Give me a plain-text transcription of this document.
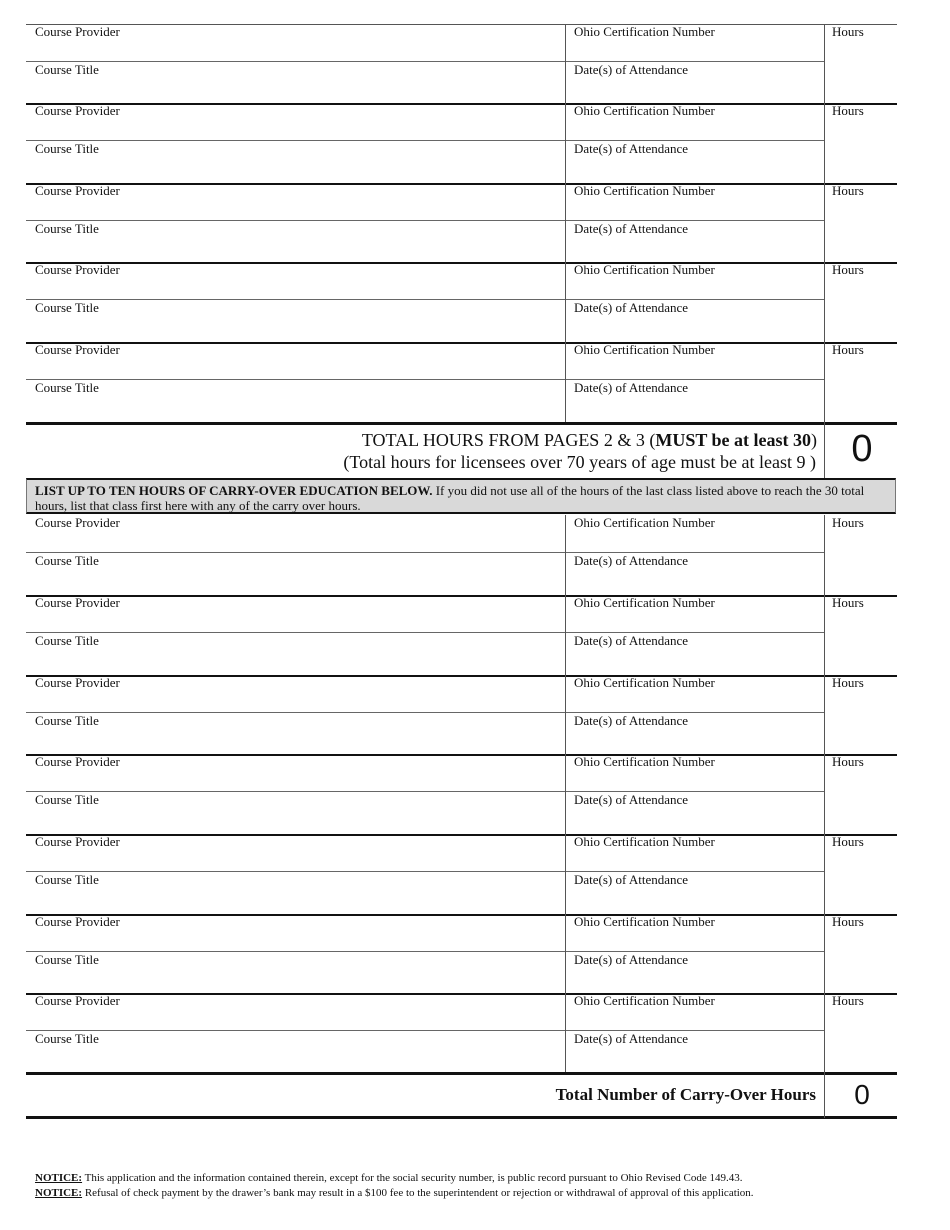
Course Provider
Course Title
Ohio Certification Number
Date(s) of Attendance
Hours
Course Provider
Course Title
Ohio Certification Number
Date(s) of Attendance
Hours
Course Provider
Course Title
Ohio Certification Number
Date(s) of Attendance
Hours
Course Provider
Course Title
Ohio Certification Number
Date(s) of Attendance
Hours
Course Provider
Course Title
Ohio Certification Number
Date(s) of Attendance
Hours
TOTAL HOURS FROM PAGES 2 & 3 (MUST be at least 30)
(Total hours for licensees over 70 years of age must be at least 9 ) 0
LIST UP TO TEN HOURS OF CARRY-OVER EDUCATION BELOW. If you did not use all of the hours of the last class listed above to reach the 30 total hours, list that class first here with any of the carry over hours.
Course Provider
Course Title
Ohio Certification Number
Date(s) of Attendance
Hours
Course Provider
Course Title
Ohio Certification Number
Date(s) of Attendance
Hours
Course Provider
Course Title
Ohio Certification Number
Date(s) of Attendance
Hours
Course Provider
Course Title
Ohio Certification Number
Date(s) of Attendance
Hours
Course Provider
Course Title
Ohio Certification Number
Date(s) of Attendance
Hours
Course Provider
Course Title
Ohio Certification Number
Date(s) of Attendance
Hours
Course Provider
Course Title
Ohio Certification Number
Date(s) of Attendance
Hours
Total Number of Carry-Over Hours	0
NOTICE: This application and the information contained therein, except for the social security number, is public record pursuant to Ohio Revised Code 149.43.
NOTICE: Refusal of check payment by the drawer’s bank may result in a $100 fee to the superintendent or rejection or withdrawal of approval of this application.
